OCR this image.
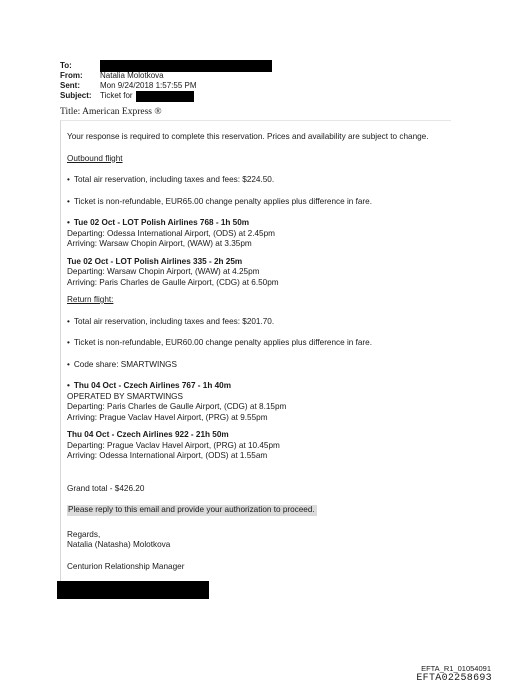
To:
From:	Natalia Molotkova
Sent:	Mon 9/24/2018 1:57:55 PM
Subject:	Ticket for
Title: American Express ®

Your response is required to complete this reservation. Prices and availability are subject to change.

Outbound flight

• Total air reservation, including taxes and fees: $224.50.

• Ticket is non-refundable, EUR65.00 change penalty applies plus difference in fare.

• Tue 02 Oct - LOT Polish Airlines 768 - 1h 50m

Departing: Odessa International Airport, (ODS) at 2.45pm

Arriving: Warsaw Chopin Airport, (WAW) at 3.35pm

Tue 02 Oct - LOT Polish Airlines 335 - 2h 25m

Departing: Warsaw Chopin Airport, (WAW) at 4.25pm

Arriving: Paris Charles de Gaulle Airport, (CDG) at 6.50pm

Return flight:

• Total air reservation, including taxes and fees: $201.70.

• Ticket is non-refundable, EUR60.00 change penalty applies plus difference in fare.

• Code share: SMARTWINGS

• Thu 04 Oct - Czech Airlines 767 - 1h 40m

OPERATED BY SMARTWINGS

Departing: Paris Charles de Gaulle Airport, (CDG) at 8.15pm

Arriving: Prague Vaclav Havel Airport, (PRG) at 9.55pm

Thu 04 Oct - Czech Airlines 922 - 21h 50m

Departing: Prague Vaclav Havel Airport, (PRG) at 10.45pm

Arriving: Odessa International Airport, (ODS) at 1.55am

Grand total - $426.20

Please reply to this email and provide your authorization to proceed.

Regards,

Natalia (Natasha) Molotkova

Centurion Relationship Manager

EFTA_R1_01054091
EFTA02258693
